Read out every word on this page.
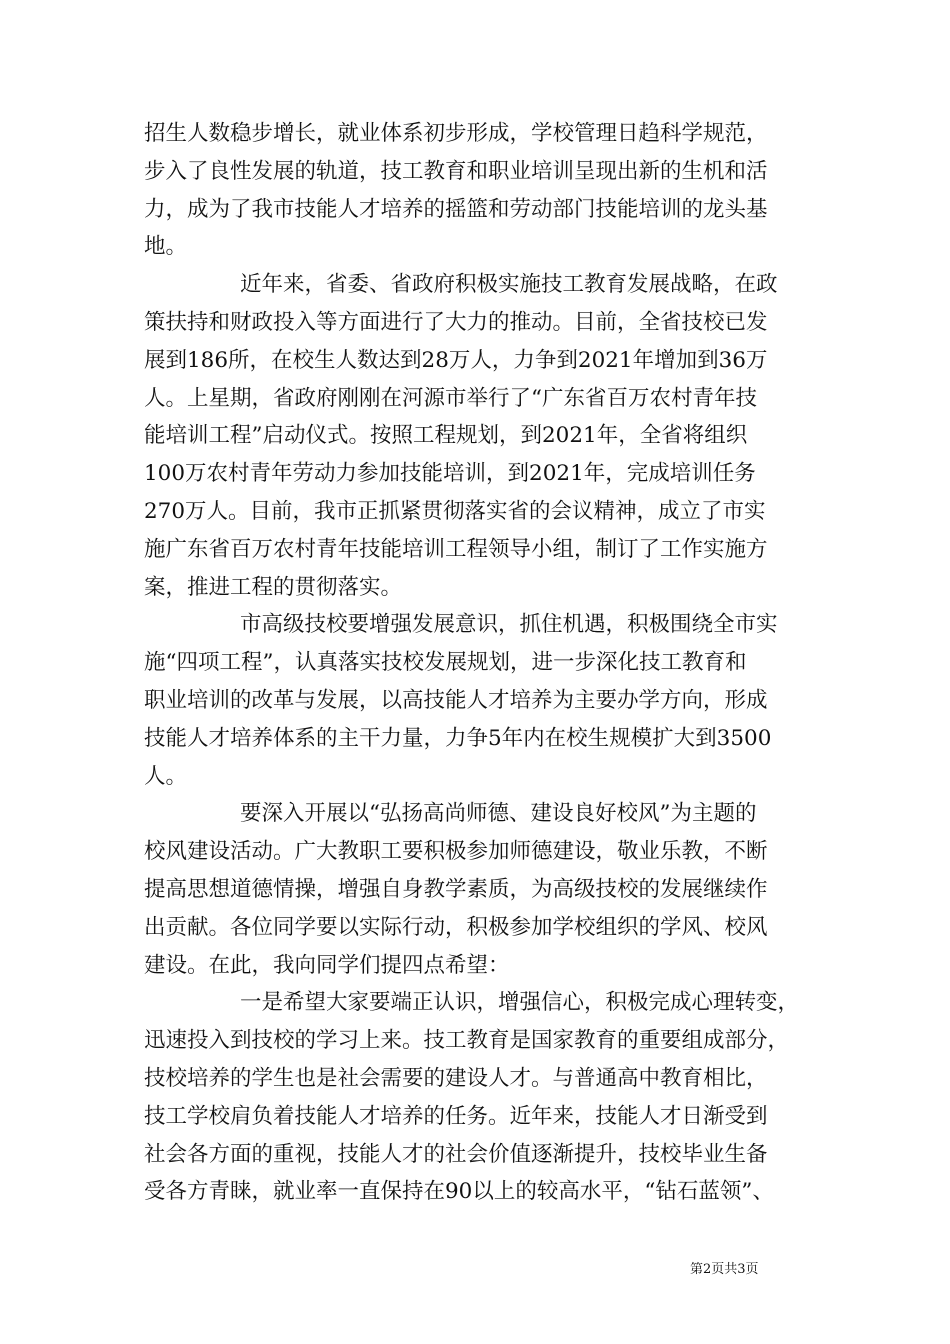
招生人数稳步增长，就业体系初步形成，学校管理日趋科学规范，
步入了良性发展的轨道，技工教育和职业培训呈现出新的生机和活
力，成为了我市技能人才培养的摇篮和劳动部门技能培训的龙头基
地。
近年来，省委、省政府积极实施技工教育发展战略，在政
策扶持和财政投入等方面进行了大力的推动。目前，全省技校已发
展到186所，在校生人数达到28万人，力争到2021年增加到36万
人。上星期，省政府刚刚在河源市举行了“广东省百万农村青年技
能培训工程”启动仪式。按照工程规划，到2021年，全省将组织
100万农村青年劳动力参加技能培训，到2021年，完成培训任务
270万人。目前，我市正抓紧贯彻落实省的会议精神，成立了市实
施广东省百万农村青年技能培训工程领导小组，制订了工作实施方
案，推进工程的贯彻落实。
市高级技校要增强发展意识，抓住机遇，积极围绕全市实
施“四项工程”，认真落实技校发展规划，进一步深化技工教育和
职业培训的改革与发展，以高技能人才培养为主要办学方向，形成
技能人才培养体系的主干力量，力争5年内在校生规模扩大到3500
人。
要深入开展以“弘扬高尚师德、建设良好校风”为主题的
校风建设活动。广大教职工要积极参加师德建设，敬业乐教，不断
提高思想道德情操，增强自身教学素质，为高级技校的发展继续作
出贡献。各位同学要以实际行动，积极参加学校组织的学风、校风
建设。在此，我向同学们提四点希望：
一是希望大家要端正认识，增强信心，积极完成心理转变，
迅速投入到技校的学习上来。技工教育是国家教育的重要组成部分，
技校培养的学生也是社会需要的建设人才。与普通高中教育相比，
技工学校肩负着技能人才培养的任务。近年来，技能人才日渐受到
社会各方面的重视，技能人才的社会价值逐渐提升，技校毕业生备
受各方青睐，就业率一直保持在90以上的较高水平，“钻石蓝领”、
第2页共3页
